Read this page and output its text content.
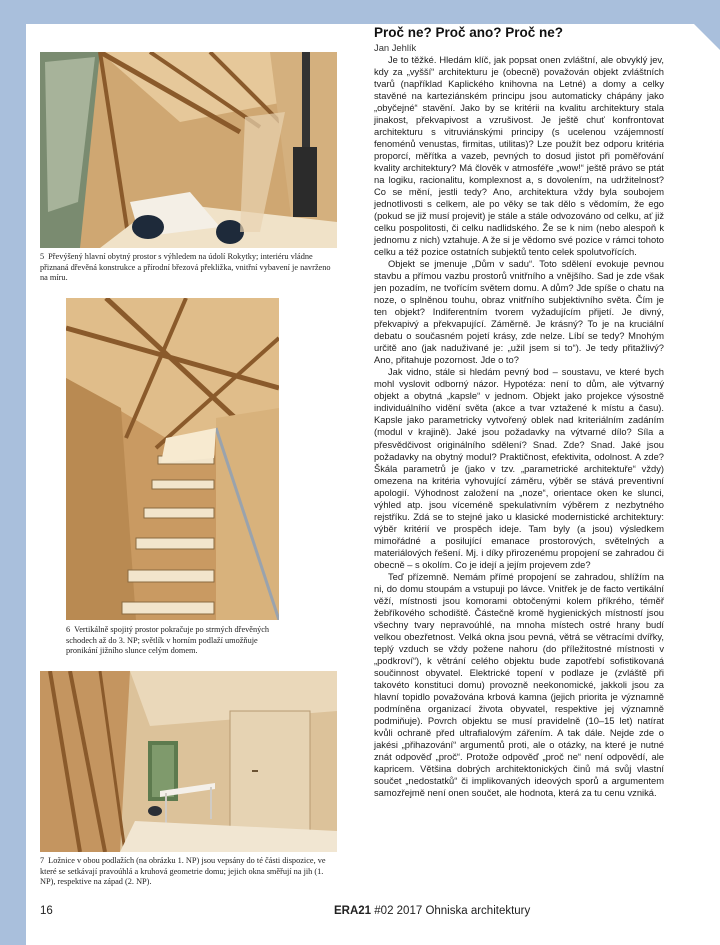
5 Převýšený hlavní obytný prostor s výhledem na údolí Rokytky; interiéru vládne přiznaná dřevěná konstrukce a přírodní březová překližka, vnitřní vybavení je navrženo na míru.
6 Vertikálně spojitý prostor pokračuje po strmých dřevěných schodech až do 3. NP; světlík v horním podlaží umožňuje pronikání jižního slunce celým domem.
7 Ložnice v obou podlažích (na obrázku 1. NP) jsou vepsány do té části dispozice, ve které se setkávají pravoúhlá a kruhová geometrie domu; jejich okna směřují na jih (1. NP), respektive na západ (2. NP).
Proč ne? Proč ano? Proč ne?

Jan Jehlík

Je to těžké. Hledám klíč, jak popsat onen zvláštní, ale obvyklý jev, kdy za „vyšší“ architekturu je (obecně) považován objekt zvláštních tvarů (například Kaplického knihovna na Letné) a domy a celky stavěné na karteziánském principu jsou automaticky chápány jako „obyčejné“ stavění. Jako by se kritérii na kvalitu architektury stala jinakost, překvapivost a vzrušivost. Je ještě chuť konfrontovat architekturu s vitruviánskými principy (s ucelenou vzájemností fenoménů venustas, firmitas, utilitas)? Lze použít bez odporu kritéria proporcí, měřítka a vazeb, pevných to dosud jistot při poměřování kvality architektury? Má člověk v atmosféře „wow!“ ještě právo se ptát na logiku, racionalitu, komplexnost a, s dovolením, na udržitelnost? Co se mění, jestli tedy? Ano, architektura vždy byla soubojem jednotlivosti s celkem, ale po věky se tak dělo s vědomím, že ego (pokud se již musí projevit) je stále a stále odvozováno od celku, ať již celku pospolitosti, či celku nadlidského. Že se k nim (nebo alespoň k jednomu z nich) vztahuje. A že si je vědomo své pozice v rámci tohoto celku a též pozice ostatních subjektů tento celek spolutvořících.

Objekt se jmenuje „Dům v sadu“. Toto sdělení evokuje pevnou stavbu a přímou vazbu prostorů vnitřního a vnějšího. Sad je zde však jen pozadím, ne tvořícím světem domu. A dům? Jde spíše o chatu na noze, o splněnou touhu, obraz vnitřního subjektivního světa. Čím je ten objekt? Indiferentním tvorem vyžadujícím přijetí. Je divný, překvapivý a překvapující. Záměrně. Je krásný? To je na kruciální debatu o současném pojetí krásy, zde nelze. Líbí se tedy? Mnohým určitě ano (jak naduživané je: „užil jsem si to“). Je tedy přitažlivý? Ano, přitahuje pozornost. Jde o to?

Jak vidno, stále si hledám pevný bod – soustavu, ve které bych mohl vyslovit odborný názor. Hypotéza: není to dům, ale výtvarný objekt a obytná „kapsle“ v jednom. Objekt jako projekce výsostně individuálního vidění světa (akce a tvar vztažené k místu a času). Kapsle jako parametricky vytvořený oblek nad kriteriálním zadáním (modul v krajině). Jaké jsou požadavky na výtvarné dílo? Síla a přesvědčivost originálního sdělení? Snad. Zde? Snad. Jaké jsou požadavky na obytný modul? Praktičnost, efektivita, odolnost. A zde? Škála parametrů je (jako v tzv. „parametrické architektuře“ vždy) omezena na kritéria vyhovující záměru, výběr se stává preventivní apologií. Výhodnost založení na „noze“, orientace oken ke slunci, výhled atp. jsou víceméně spekulativním výběrem z nezbytného rejstříku. Zdá se to stejné jako u klasické modernistické architektury: výběr kritérií ve prospěch ideje. Tam byly (a jsou) výsledkem mimořádné a posilující emanace prostorových, světelných a materiálových řešení. Mj. i díky přirozenému propojení se zahradou či obecně – s okolím. Co je idejí a jejím projevem zde?

Teď přízemně. Nemám přímé propojení se zahradou, shlížím na ni, do domu stoupám a vstupuji po lávce. Vnitřek je de facto vertikální věží, místnosti jsou komorami obtočenými kolem příkrého, téměř žebříkového schodiště. Částečně kromě hygienických místností jsou všechny tvary nepravoúhlé, na mnoha místech ostré hrany budí velkou obezřetnost. Velká okna jsou pevná, větrá se větracími dvířky, teplý vzduch se vždy požene nahoru (do příležitostné místnosti v „podkroví“), k větrání celého objektu bude zapotřebí sofistikovaná součinnost obyvatel. Elektrické topení v podlaze je (zvláště při takovéto konstituci domu) provozně neekonomické, jakkoli jsou za hlavní topidlo považována krbová kamna (jejich priorita je významně podmíněna organizací života obyvatel, respektive jej významně podmiňuje). Povrch objektu se musí pravidelně (10–15 let) natírat kvůli ochraně před ultrafialovým zářením. A tak dále. Nejde zde o jakési „přihazování“ argumentů proti, ale o otázky, na které je nutné znát odpověď „proč“. Protože odpověď „proč ne“ není odpovědí, ale kapricem. Většina dobrých architektonických činů má svůj vlastní součet „nedostatků“ či implikovaných ideových sporů a argumentem samozřejmě není onen součet, ale hodnota, která za tu cenu vzniká.

16	ERA21 #02 2017 Ohniska architektury
